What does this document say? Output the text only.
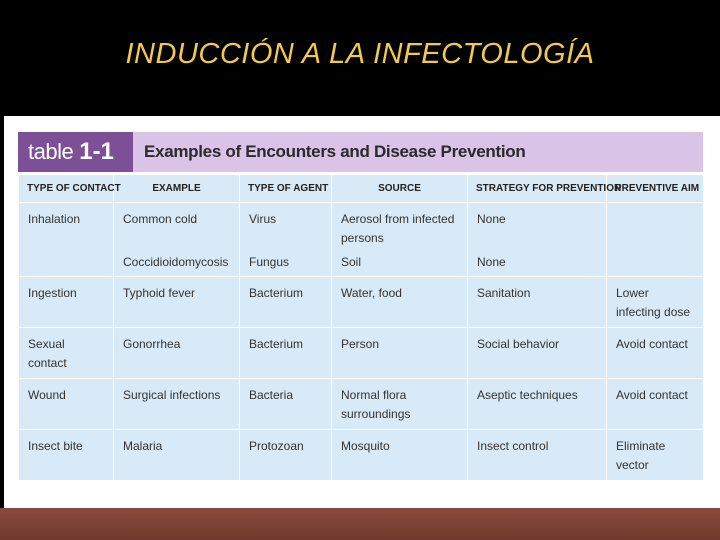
INDUCCIÓN A LA INFECTOLOGÍA
table 1-1 Examples of Encounters and Disease Prevention
TYPE OF CONTACT	EXAMPLE	TYPE OF AGENT	SOURCE	STRATEGY FOR PREVENTION	PREVENTIVE AIM
Inhalation	Common cold	Virus	Aerosol from infected persons	None	
	Coccidioidomycosis	Fungus	Soil	None	
Ingestion	Typhoid fever	Bacterium	Water, food	Sanitation	Lower infecting dose
Sexual contact	Gonorrhea	Bacterium	Person	Social behavior	Avoid contact
Wound	Surgical infections	Bacteria	Normal flora surroundings	Aseptic techniques	Avoid contact
Insect bite	Malaria	Protozoan	Mosquito	Insect control	Eliminate vector
